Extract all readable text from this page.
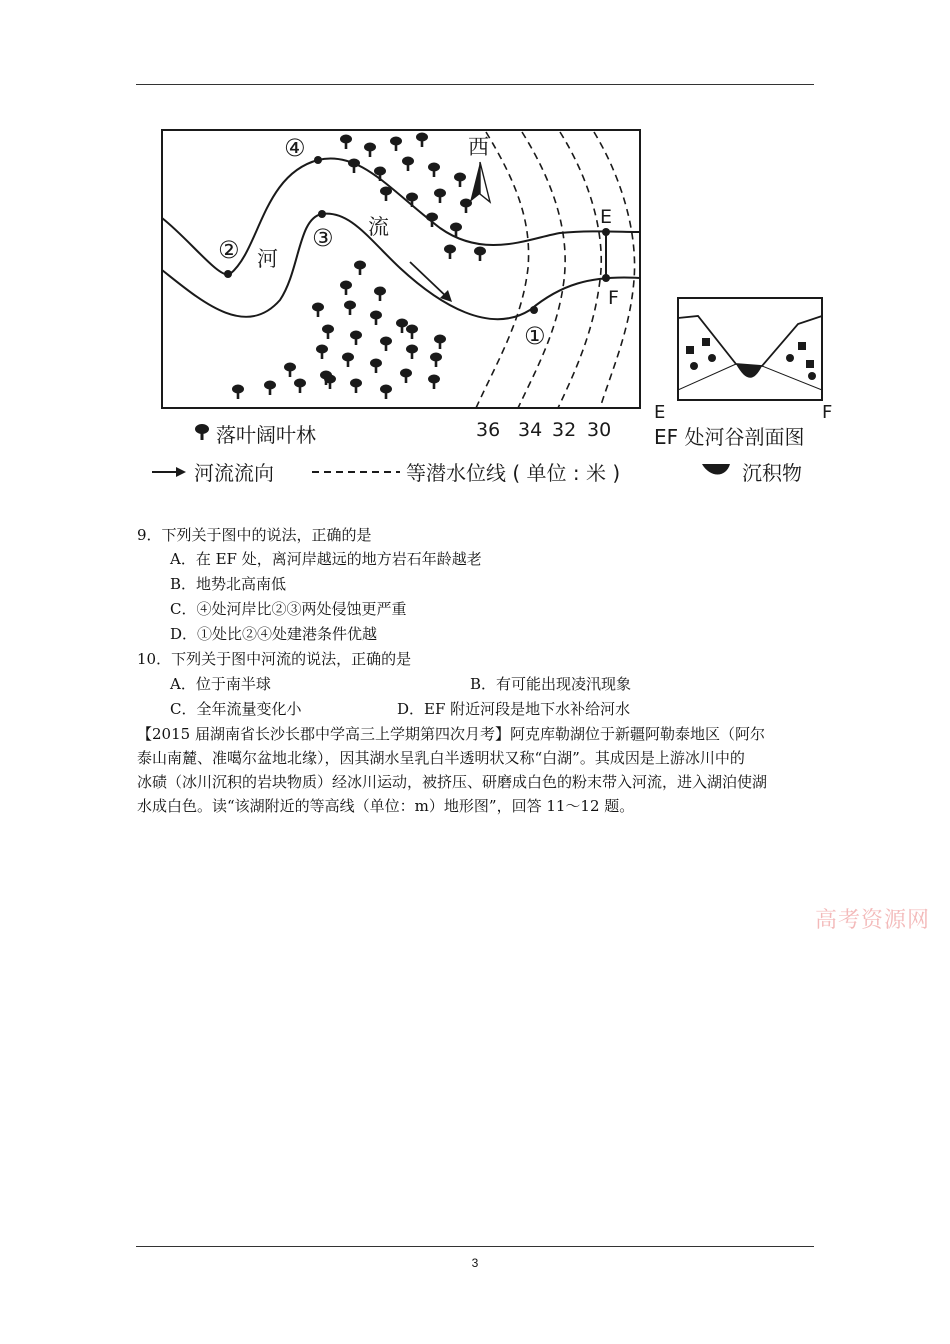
E
F
①
②	③
④
河
流
西
36 34 32 30
E	F
EF 处河谷剖面图
落叶阔叶林
河流流向	等潜水位线 ( 单位 : 米 )	沉积物
9．下列关于图中的说法，正确的是
A．在 EF 处，离河岸越远的地方岩石年龄越老
B．地势北高南低
C．④处河岸比②③两处侵蚀更严重
D．①处比②④处建港条件优越
10．下列关于图中河流的说法，正确的是
A．位于南半球	B．有可能出现凌汛现象
C．全年流量变化小	D．EF 附近河段是地下水补给河水
【2015 届湖南省长沙长郡中学高三上学期第四次月考】阿克库勒湖位于新疆阿勒泰地区（阿尔
泰山南麓、准噶尔盆地北缘），因其湖水呈乳白半透明状又称“白湖”。其成因是上游冰川中的
冰碛（冰川沉积的岩块物质）经冰川运动，被挤压、研磨成白色的粉末带入河流，进入湖泊使湖
水成白色。读“该湖附近的等高线（单位：m）地形图”，回答 11～12 题。
高考资源网
3
